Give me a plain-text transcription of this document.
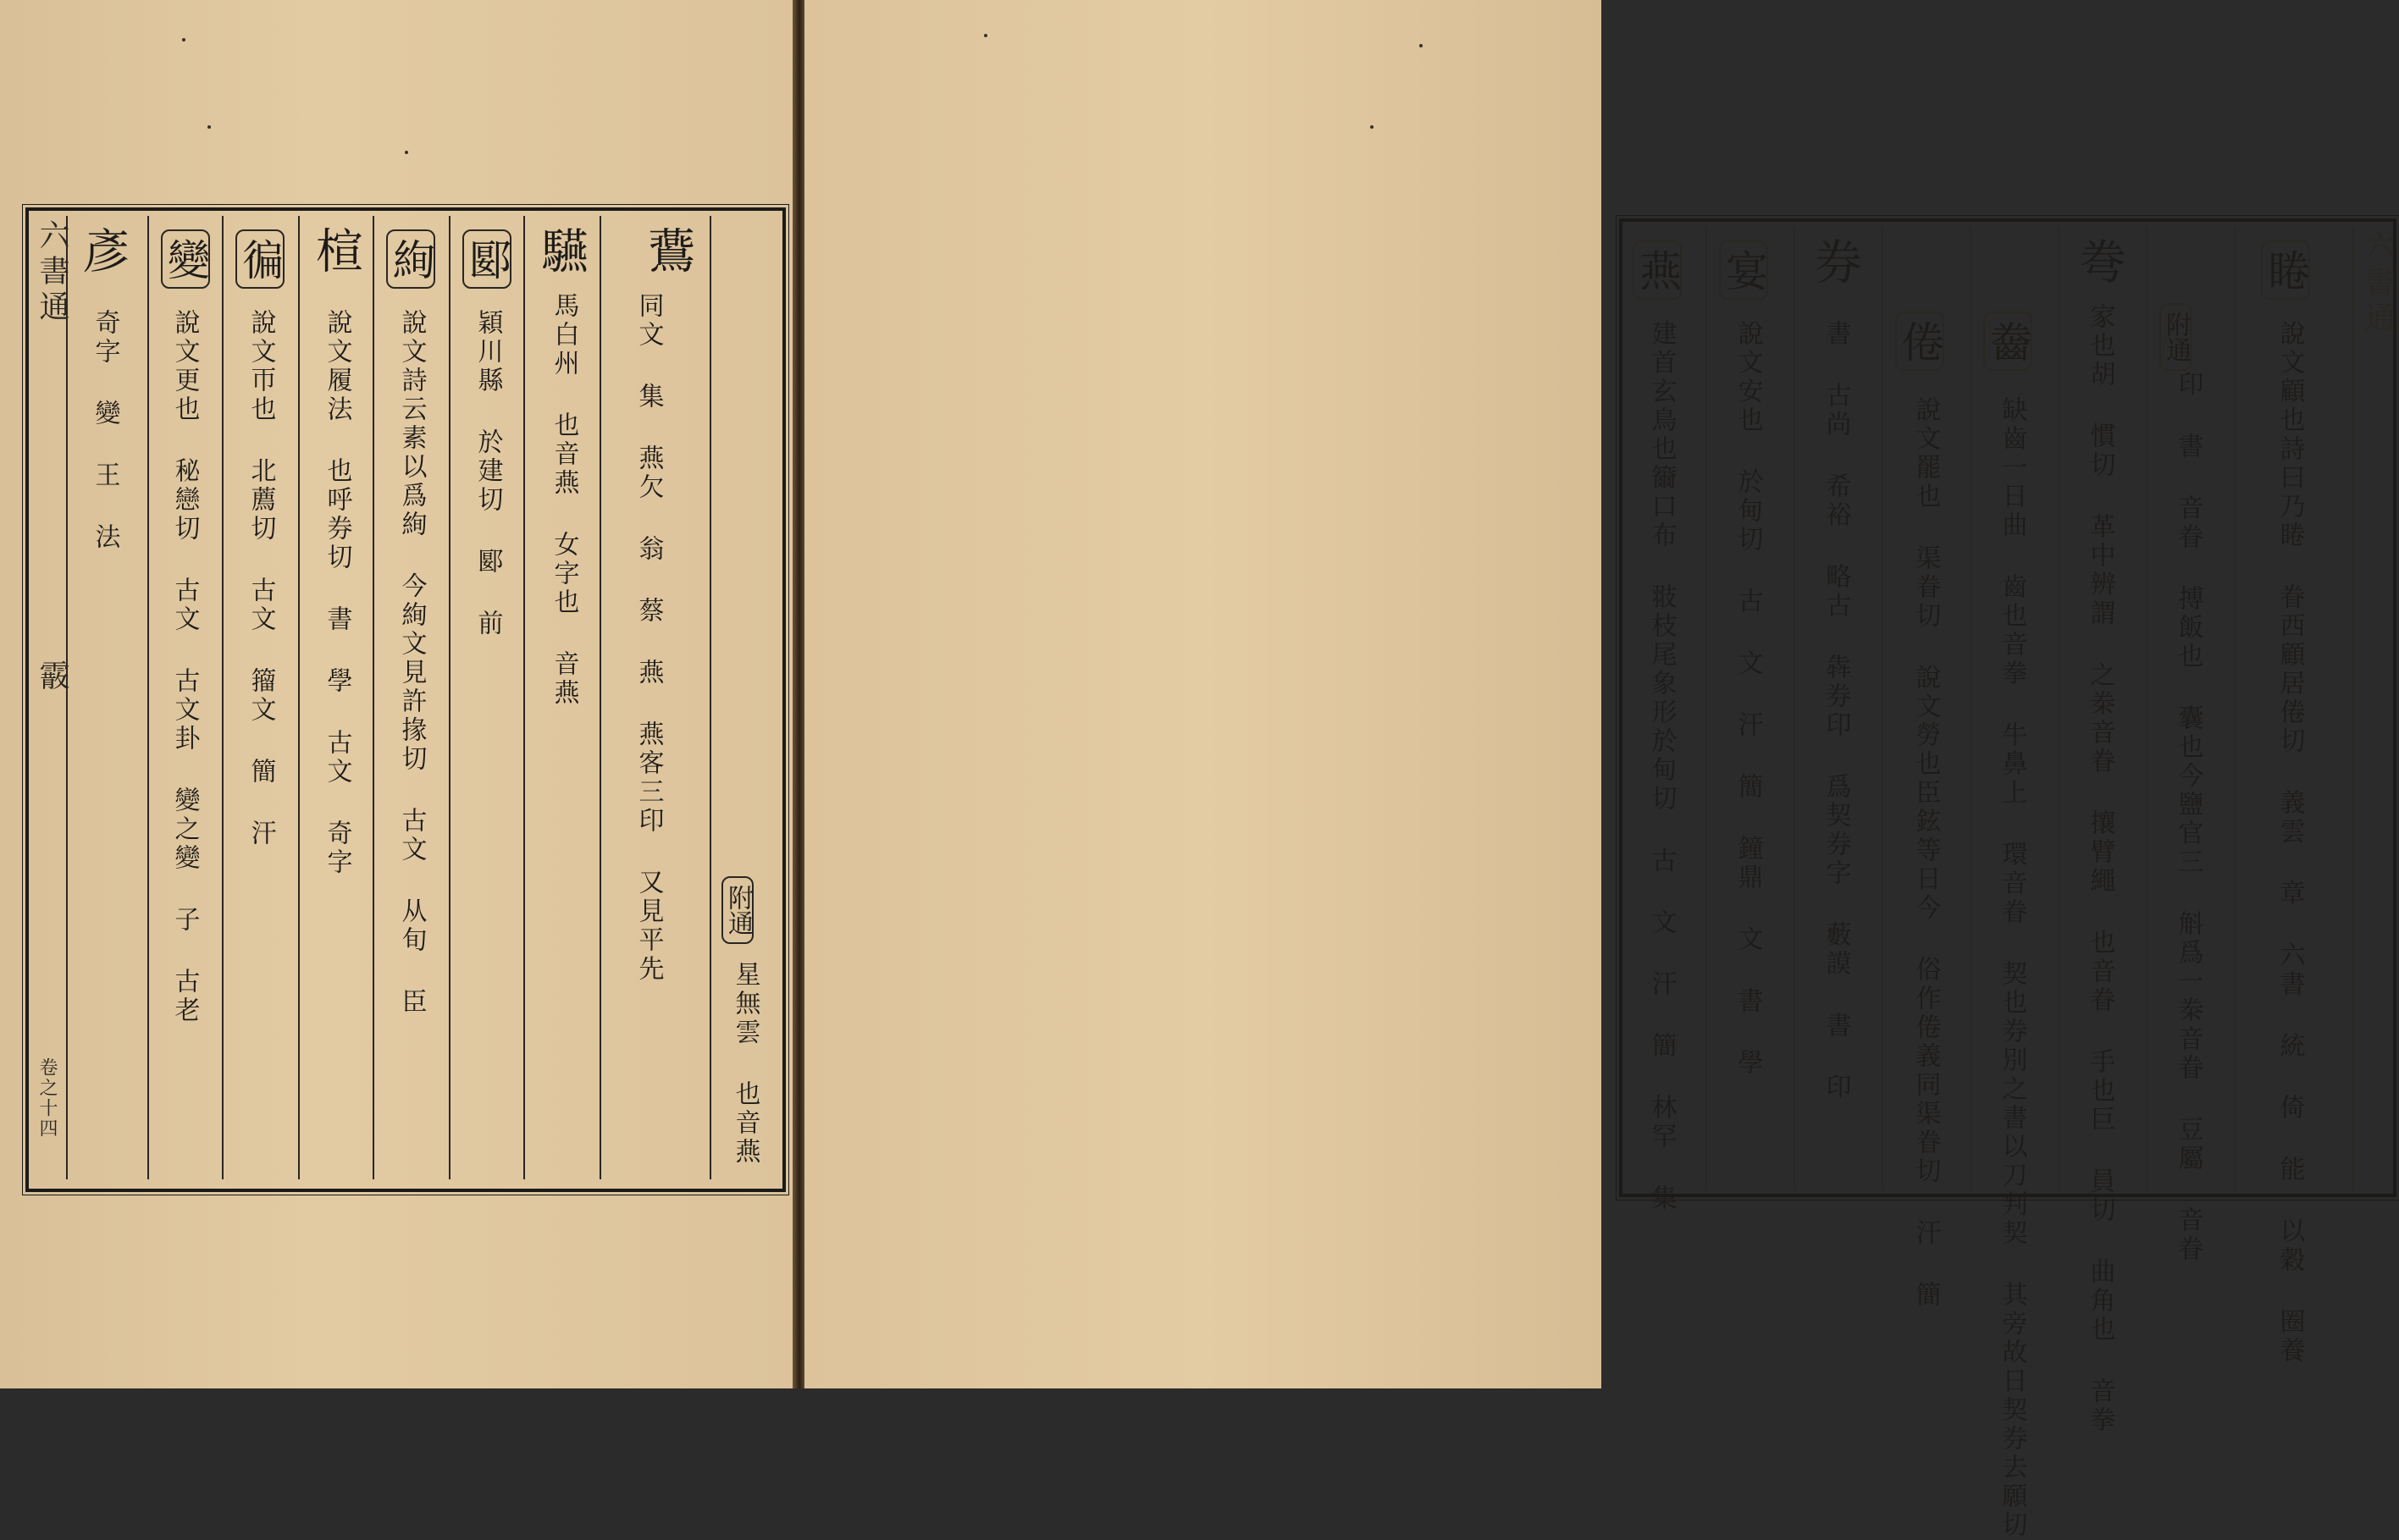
六書通
霰
卷之十四
彥
奇字 變 王 法
變
說文更也 秘戀切 古文 古文卦 變之變 子 古老
徧
說文帀也 北薦切 古文 籀文 簡 汗
楦
說文履法 也呼券切 書 學 古文 奇字
絢
說文詩云素以爲絢 今絢文見許掾切 古文 从旬 臣
郾
穎川縣 於建切 郾 前
驠
馬白州 也音燕 女字也 音燕
鷰
同文 集 燕欠 翁 蔡 燕 燕客三印 又見平先 附通
星無雲 也音燕
燕
建首玄鳥也籋口布 翄枝尾象形於甸切 古 文 汗 簡 林罕 集
宴
說文安也 於甸切 古 文 汗 簡 鐘鼎 文 書 學
券
書 古尚 希裕 略古 犇券印 爲契券字 藪謨 書 印 倦
說文罷也 渠眷切 說文勞也臣鉉等日今 俗作倦義同渠眷切 汗 簡
齤
缺齒一日曲 齒也音拳 牛鼻上 環音眷 契也券別之書以刀判契 其旁故日契券去願切
弮
家也胡 慣切 革中辨謂 之桊音眷 攘臂繩 也音眷 手也巨 員切 曲角也 音拳 附通
印 書 音眷 搏飯也 囊也今鹽官三 斛爲一桊音眷 豆屬 音眷
睠
說文顧也詩曰乃睠 眷西顧居倦切 義雲 章 六書 統 倚 能 以穀 圈養
六書通
